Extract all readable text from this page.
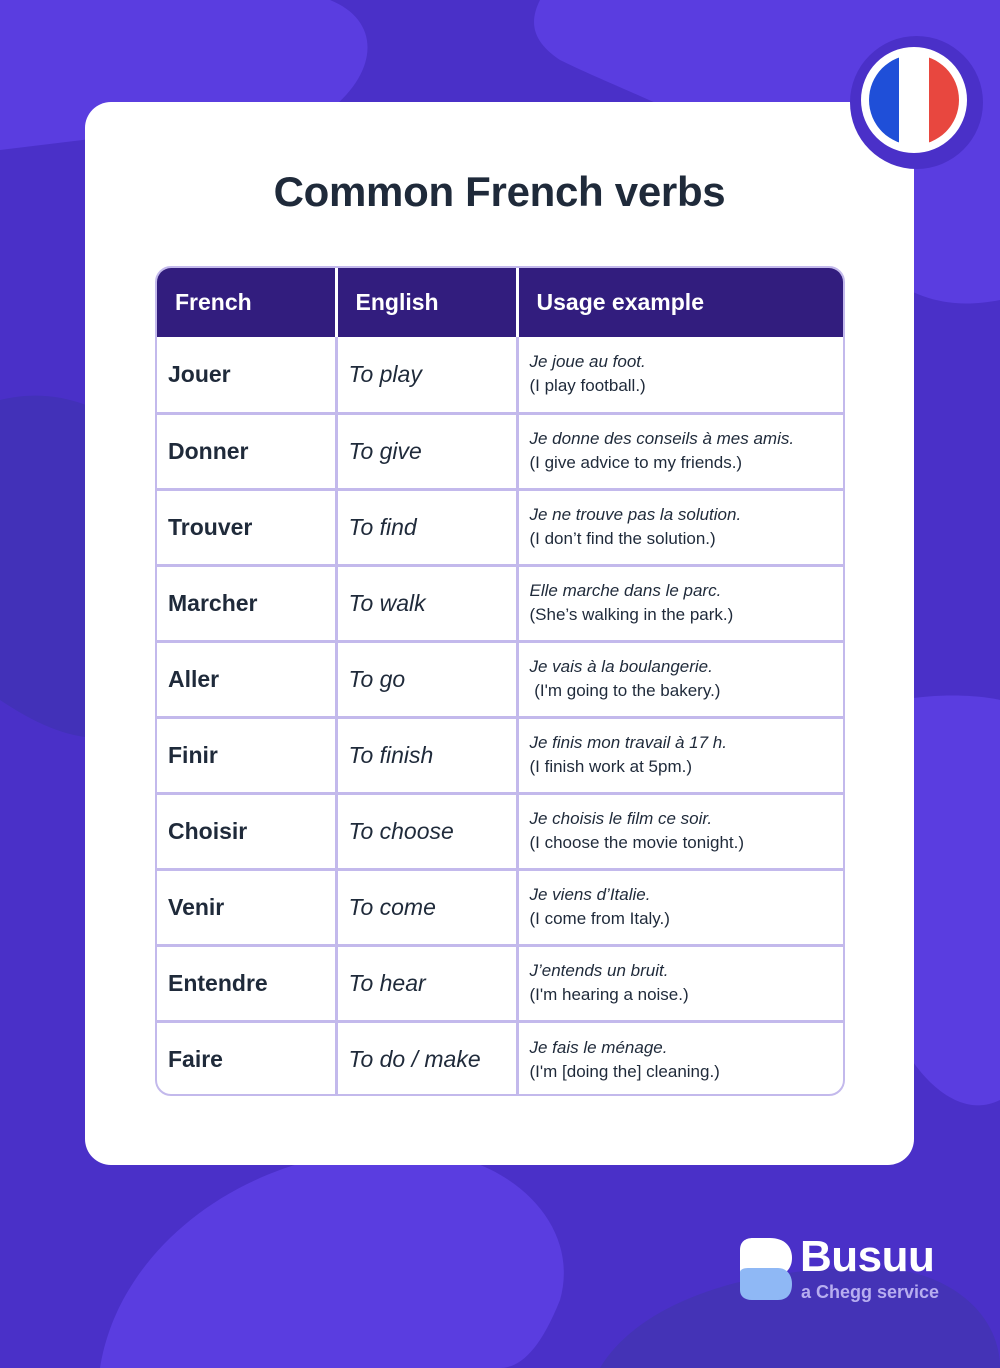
Common French verbs
French	English	Usage example
Jouer	To play	Je joue au foot.
(I play football.)

Donner	To give	Je donne des conseils à mes amis.
(I give advice to my friends.)

Trouver	To find	Je ne trouve pas la solution.
(I don’t find the solution.)

Marcher	To walk	Elle marche dans le parc.
(She’s walking in the park.)

Aller	To go	Je vais à la boulangerie.
(I'm going to the bakery.)

Finir	To finish	Je finis mon travail à 17 h.
(I finish work at 5pm.)

Choisir	To choose	Je choisis le film ce soir.
(I choose the movie tonight.)

Venir	To come	Je viens d’Italie.
(I come from Italy.)

Entendre	To hear	J’entends un bruit.
(I'm hearing a noise.)

Faire	To do / make	Je fais le ménage.
(I'm [doing the] cleaning.)
Busuu
a Chegg service
